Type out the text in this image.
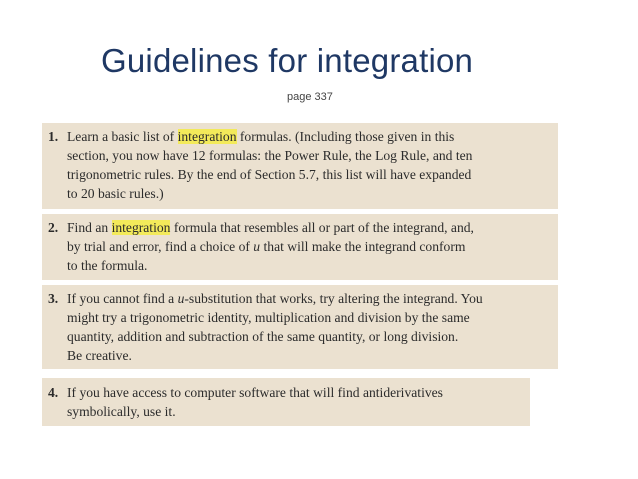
Guidelines for integration
page 337
1. Learn a basic list of integration formulas. (Including those given in this
section, you now have 12 formulas: the Power Rule, the Log Rule, and ten
trigonometric rules. By the end of Section 5.7, this list will have expanded
to 20 basic rules.)
2. Find an integration formula that resembles all or part of the integrand, and,
by trial and error, find a choice of u that will make the integrand conform
to the formula.
3. If you cannot find a u-substitution that works, try altering the integrand. You
might try a trigonometric identity, multiplication and division by the same
quantity, addition and subtraction of the same quantity, or long division.
Be creative.
4. If you have access to computer software that will find antiderivatives
symbolically, use it.
